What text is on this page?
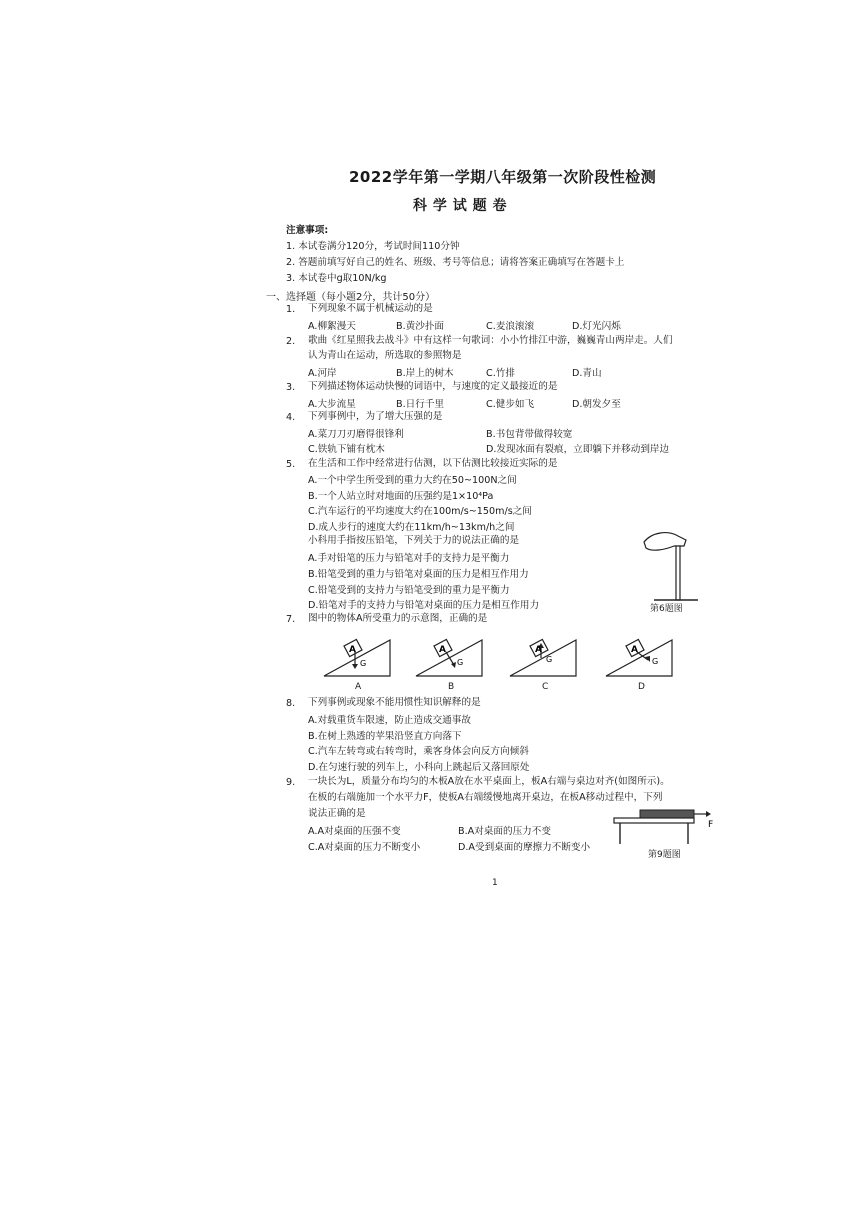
2022学年第一学期八年级第一次阶段性检测
科 学 试 题 卷
注意事项:
1. 本试卷满分120分，考试时间110分钟
2. 答题前填写好自己的姓名、班级、考号等信息；请将答案正确填写在答题卡上
3. 本试卷中g取10N/kg
一、选择题（每小题2分，共计50分）
1. 下列现象不属于机械运动的是
A.柳絮漫天	B.黄沙扑面	C.麦浪滚滚	D.灯光闪烁
2. 歌曲《红星照我去战斗》中有这样一句歌词：小小竹排江中游，巍巍青山两岸走。人们
认为青山在运动，所选取的参照物是
A.河岸	B.岸上的树木	C.竹排	D.青山
3. 下列描述物体运动快慢的词语中，与速度的定义最接近的是
A.大步流星	B.日行千里	C.健步如飞	D.朝发夕至
4. 下列事例中，为了增大压强的是
A.菜刀刀刃磨得很锋利	B.书包背带做得较宽
C.铁轨下铺有枕木	D.发现冰面有裂痕，立即躺下并移动到岸边
5. 在生活和工作中经常进行估测，以下估测比较接近实际的是
A.一个中学生所受到的重力大约在50~100N之间
B.一个人站立时对地面的压强约是1×10⁴Pa
C.汽车运行的平均速度大约在100m/s~150m/s之间
D.成人步行的速度大约在11km/h~13km/h之间
小科用手指按压铅笔，下列关于力的说法正确的是
A.手对铅笔的压力与铅笔对手的支持力是平衡力
B.铅笔受到的重力与铅笔对桌面的压力是相互作用力
C.铅笔受到的支持力与铅笔受到的重力是平衡力
D.铅笔对手的支持力与铅笔对桌面的压力是相互作用力	第6题图
7. 图中的物体A所受重力的示意图，正确的是
A
G
A
A
G
B
A
G
C
A
G
D
8. 下列事例或现象不能用惯性知识解释的是
A.对载重货车限速，防止造成交通事故
B.在树上熟透的苹果沿竖直方向落下
C.汽车左转弯或右转弯时，乘客身体会向反方向倾斜
D.在匀速行驶的列车上，小科向上跳起后又落回原处
9. 一块长为L，质量分布均匀的木板A放在水平桌面上，板A右端与桌边对齐(如图所示)。
在板的右端施加一个水平力F，使板A右端缓慢地离开桌边，在板A移动过程中，下列
说法正确的是
A.A对桌面的压强不变	B.A对桌面的压力不变
C.A对桌面的压力不断变小	D.A受到桌面的摩擦力不断变小
F
第9题图
1
